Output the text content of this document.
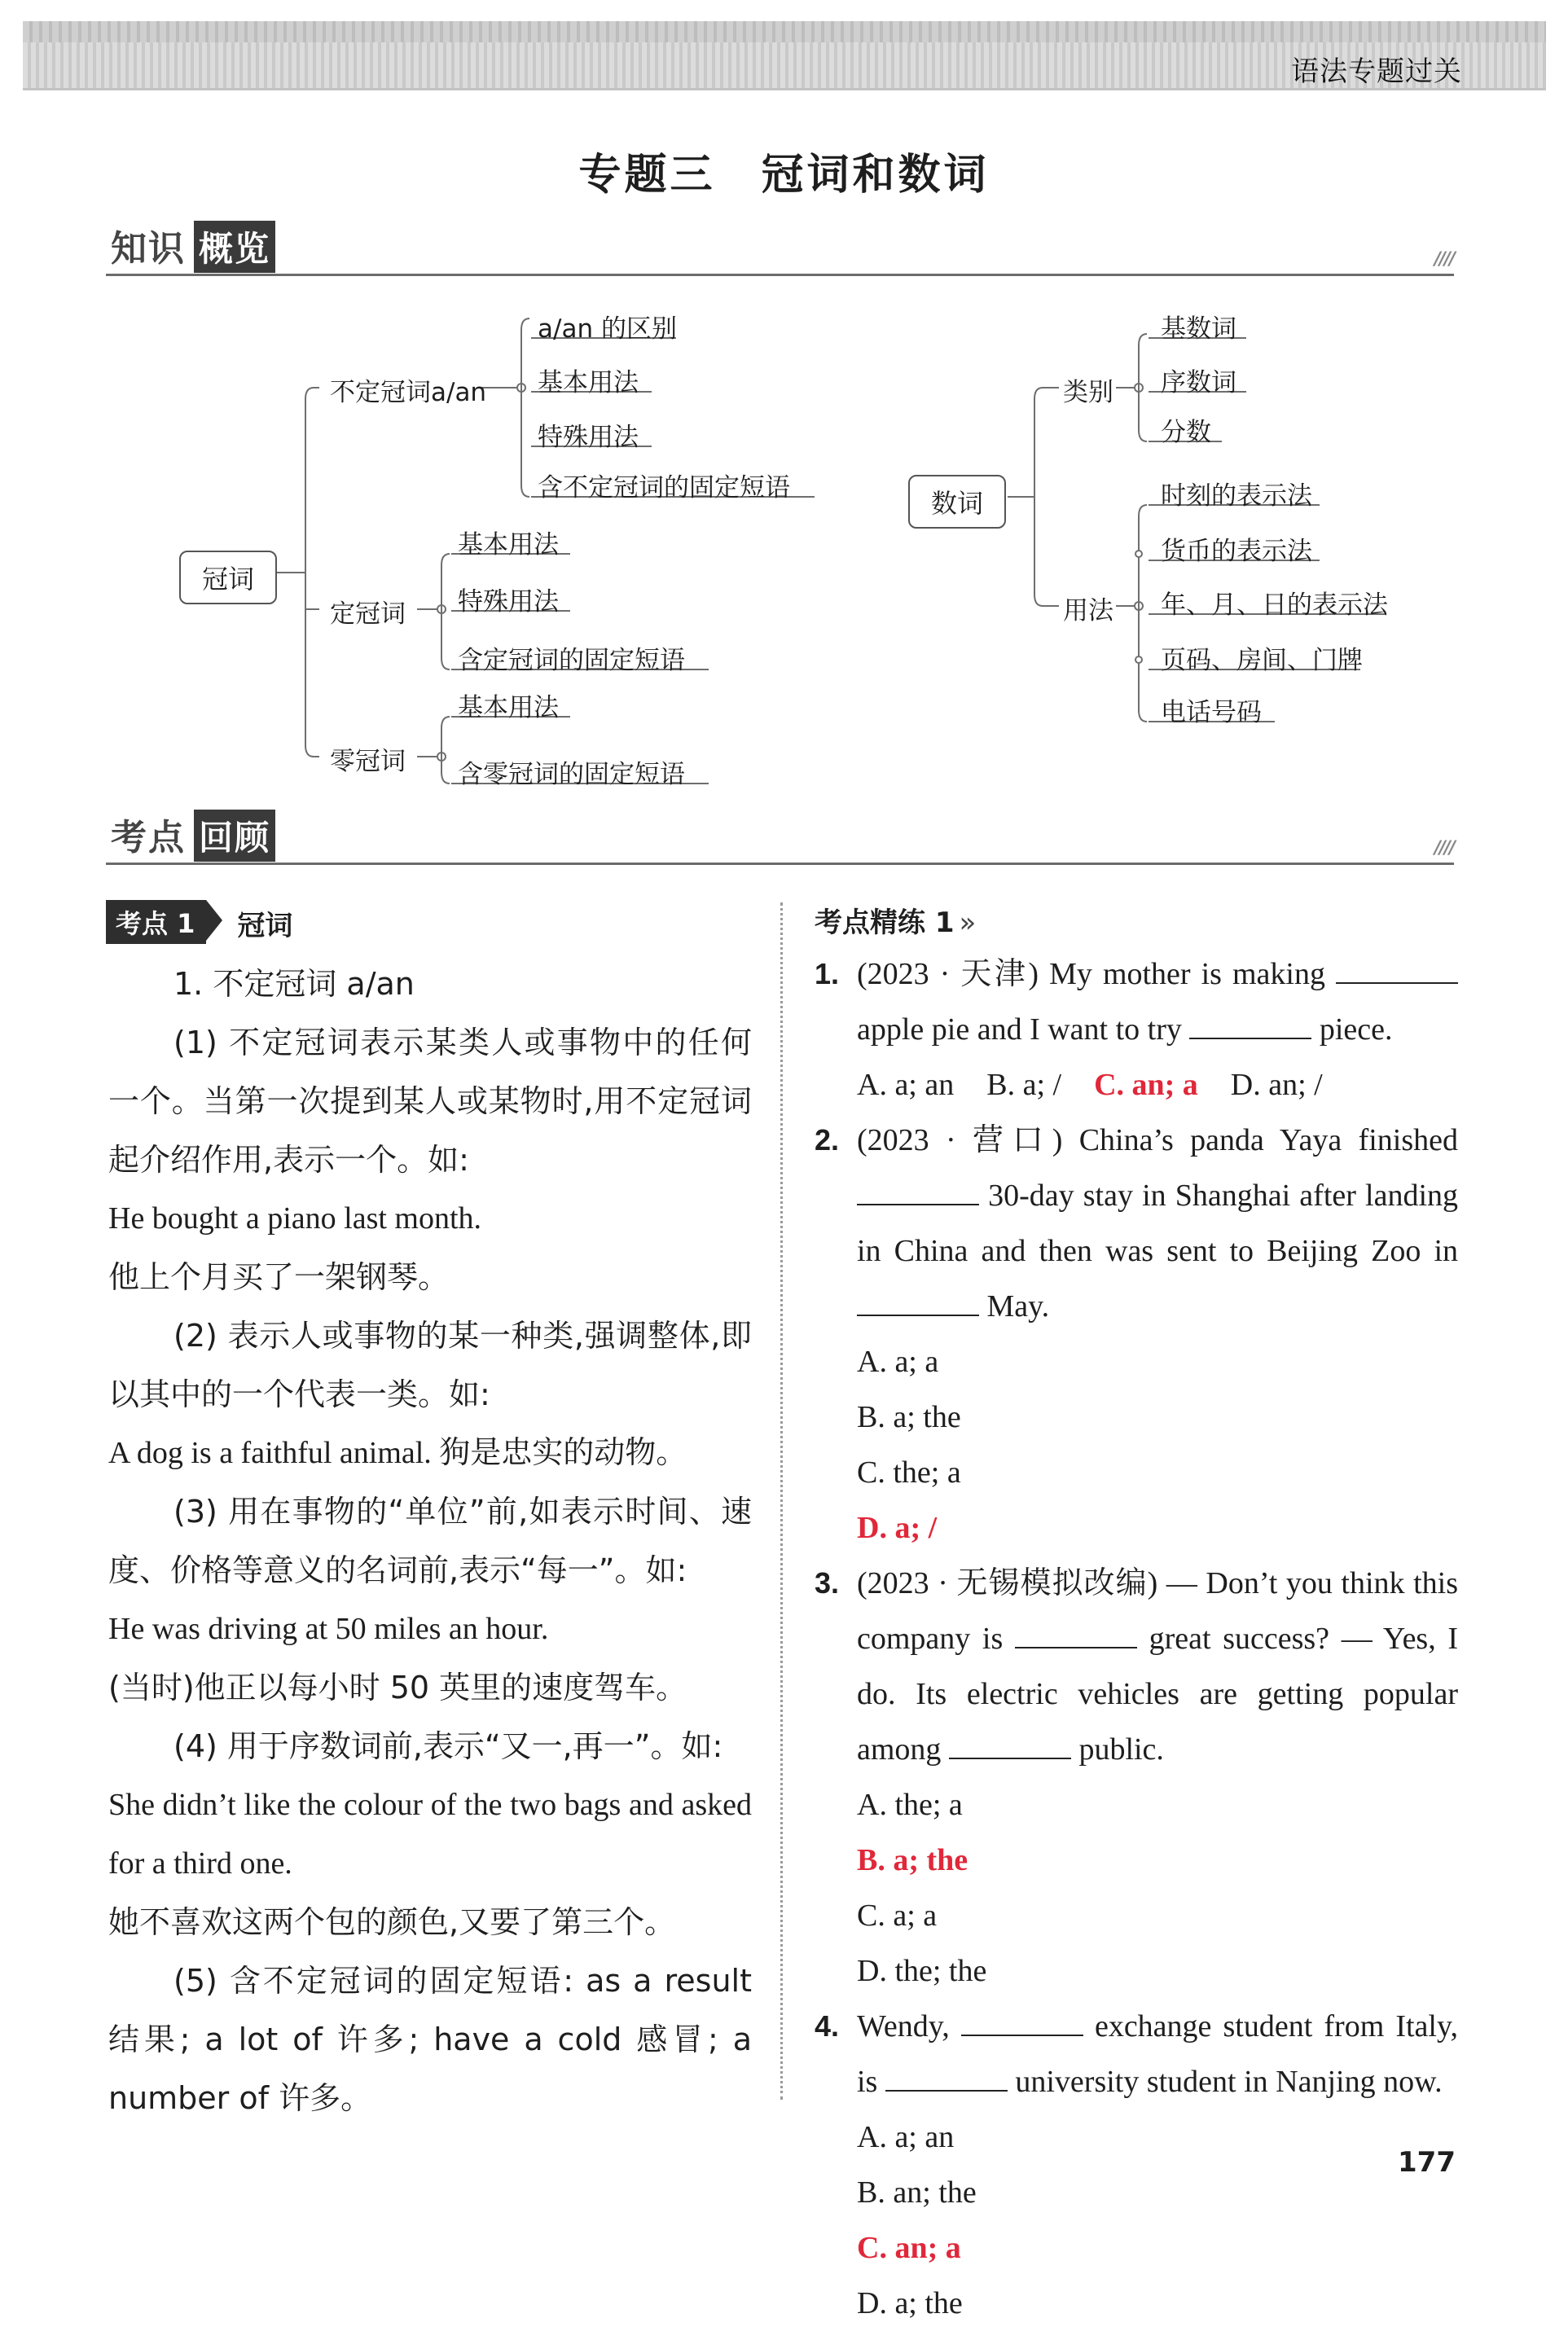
语法专题过关
专题三　冠词和数词
知识 概览	////
冠词
不定冠词a/an
a/an 的区别
基本用法
特殊用法
含不定冠词的固定短语
定冠词
基本用法
特殊用法
含定冠词的固定短语
零冠词
基本用法
含零冠词的固定短语
数词
类别
基数词
序数词
分数
用法
时刻的表示法
货币的表示法
年、月、日的表示法
页码、房间、门牌
电话号码
考点 回顾	////
考点 1 冠词

1. 不定冠词 a/an

(1) 不定冠词表示某类人或事物中的任何一个。当第一次提到某人或某物时,用不定冠词起介绍作用,表示一个。如:

He bought a piano last month.

他上个月买了一架钢琴。

(2) 表示人或事物的某一种类,强调整体,即以其中的一个代表一类。如:

A dog is a faithful animal. 狗是忠实的动物。

(3) 用在事物的“单位”前,如表示时间、速度、价格等意义的名词前,表示“每一”。如:

He was driving at 50 miles an hour.

(当时)他正以每小时 50 英里的速度驾车。

(4) 用于序数词前,表示“又一,再一”。如:

She didn’t like the colour of the two bags and asked for a third one.

她不喜欢这两个包的颜色,又要了第三个。

(5) 含不定冠词的固定短语: as a result 结果; a lot of 许多; have a cold 感冒; a number of 许多。

考点精练 1 »
1. (2023 · 天津) My mother is making  apple pie and I want to try	piece.

A. a; an B. a; / C. an; a D. an; /
2. (2023 · 营口) China’s panda Yaya finished  30-day stay in Shanghai after landing in China and then was sent to Beijing Zoo in  May.

A. a; a
B. a; the
C. the; a
D. a; /
3. (2023 · 无锡模拟改编) — Don’t you think this company is	great success? — Yes, I do. Its electric vehicles are getting popular among	public.

A. the; a
B. a; the
C. a; a
D. the; the
4. Wendy,	exchange student from Italy, is	university student in Nanjing now.

A. a; an
B. an; the
C. an; a
D. a; the
177
